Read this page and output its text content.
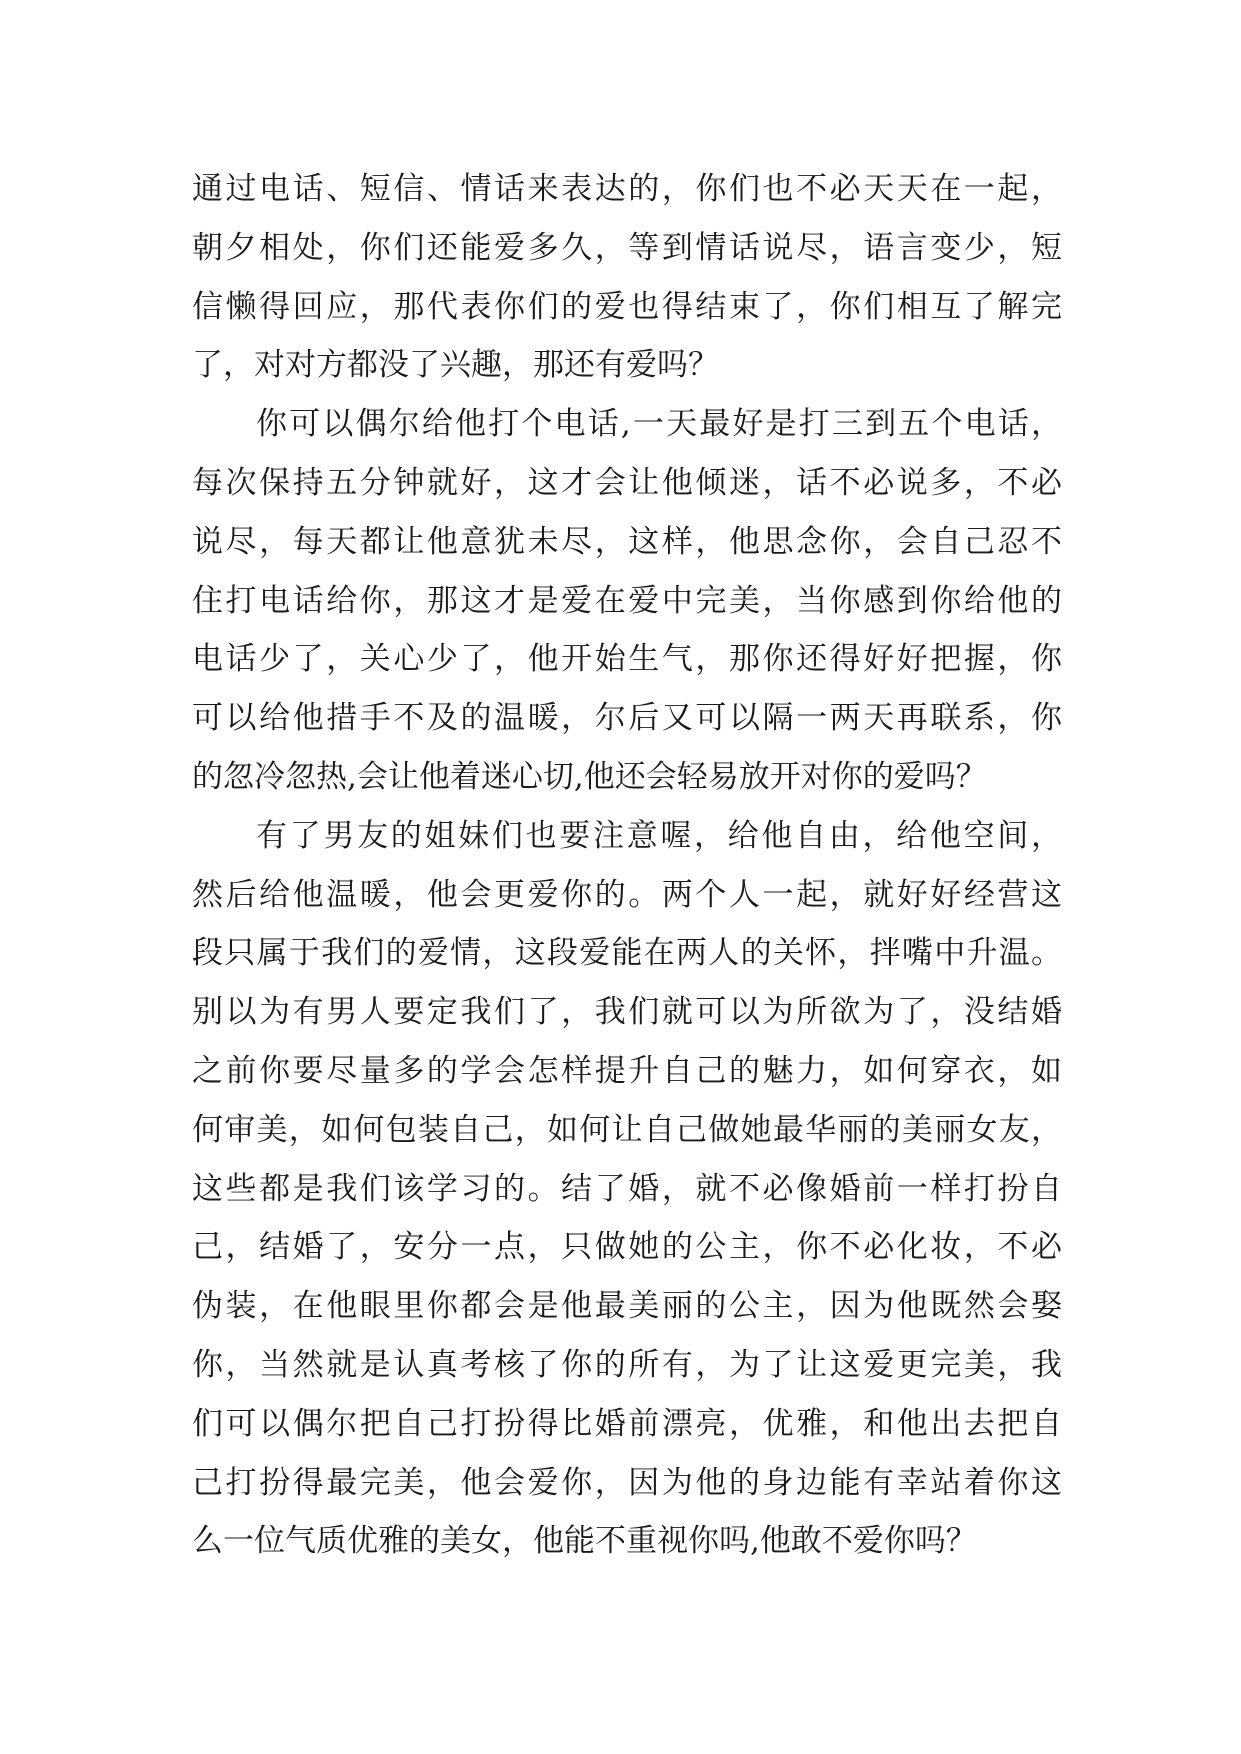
通过电话、短信、情话来表达的，你们也不必天天在一起，
朝夕相处，你们还能爱多久，等到情话说尽，语言变少，短
信懒得回应，那代表你们的爱也得结束了，你们相互了解完
了，对对方都没了兴趣，那还有爱吗？
你可以偶尔给他打个电话,一天最好是打三到五个电话，
每次保持五分钟就好，这才会让他倾迷，话不必说多，不必
说尽，每天都让他意犹未尽，这样，他思念你，会自己忍不
住打电话给你，那这才是爱在爱中完美，当你感到你给他的
电话少了，关心少了，他开始生气，那你还得好好把握，你
可以给他措手不及的温暖，尔后又可以隔一两天再联系，你
的忽冷忽热,会让他着迷心切,他还会轻易放开对你的爱吗？
有了男友的姐妹们也要注意喔，给他自由，给他空间，
然后给他温暖，他会更爱你的。两个人一起，就好好经营这
段只属于我们的爱情，这段爱能在两人的关怀，拌嘴中升温。
别以为有男人要定我们了，我们就可以为所欲为了，没结婚
之前你要尽量多的学会怎样提升自己的魅力，如何穿衣，如
何审美，如何包装自己，如何让自己做她最华丽的美丽女友，
这些都是我们该学习的。结了婚，就不必像婚前一样打扮自
己，结婚了，安分一点，只做她的公主，你不必化妆，不必
伪装，在他眼里你都会是他最美丽的公主，因为他既然会娶
你，当然就是认真考核了你的所有，为了让这爱更完美，我
们可以偶尔把自己打扮得比婚前漂亮，优雅，和他出去把自
己打扮得最完美，他会爱你，因为他的身边能有幸站着你这
么一位气质优雅的美女，他能不重视你吗,他敢不爱你吗？
